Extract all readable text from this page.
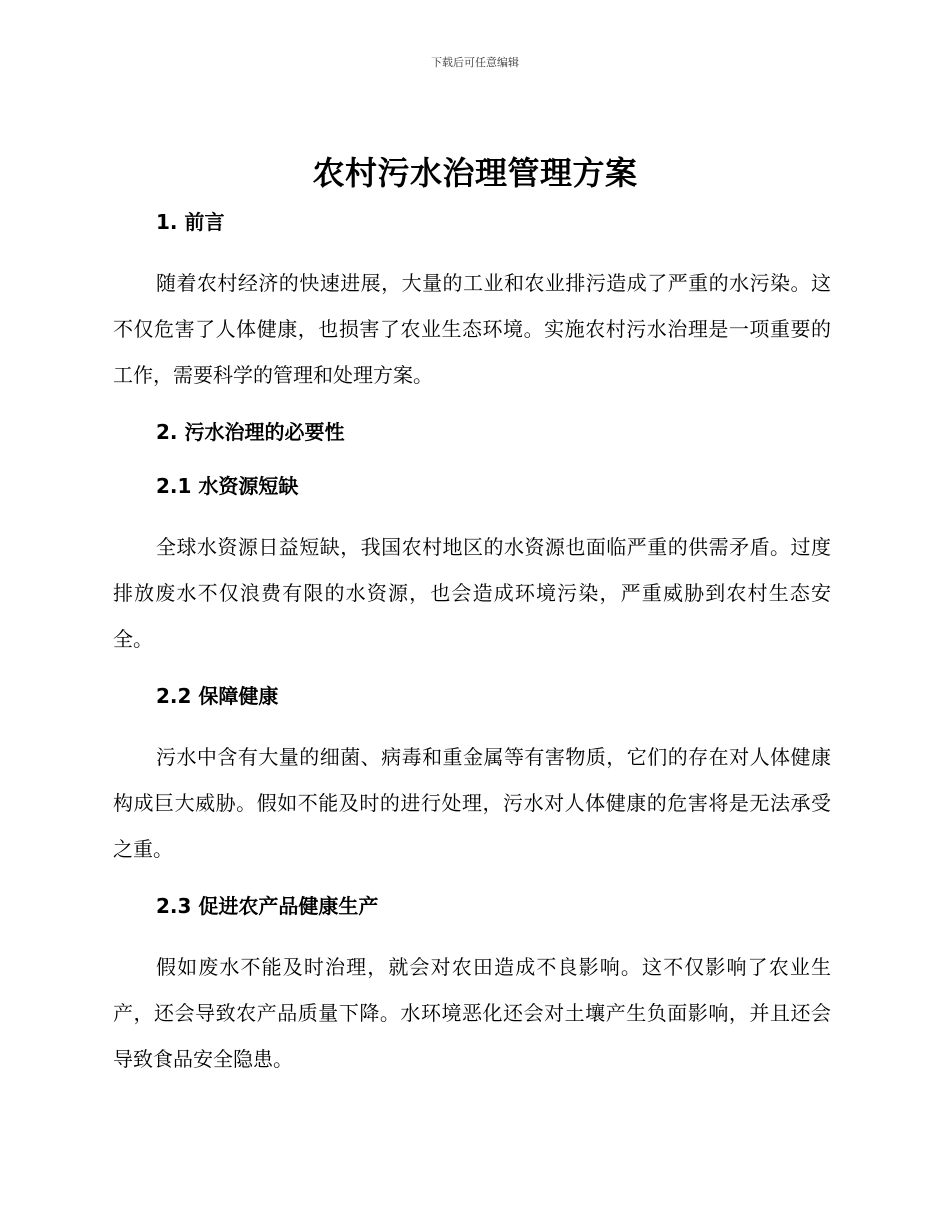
下载后可任意编辑
农村污水治理管理方案
1. 前言

随着农村经济的快速进展，大量的工业和农业排污造成了严重的水污染。这不仅危害了人体健康，也损害了农业生态环境。实施农村污水治理是一项重要的工作，需要科学的管理和处理方案。

2. 污水治理的必要性
2.1 水资源短缺

全球水资源日益短缺，我国农村地区的水资源也面临严重的供需矛盾。过度排放废水不仅浪费有限的水资源，也会造成环境污染，严重威胁到农村生态安全。

2.2 保障健康

污水中含有大量的细菌、病毒和重金属等有害物质，它们的存在对人体健康构成巨大威胁。假如不能及时的进行处理，污水对人体健康的危害将是无法承受之重。

2.3 促进农产品健康生产

假如废水不能及时治理，就会对农田造成不良影响。这不仅影响了农业生产，还会导致农产品质量下降。水环境恶化还会对土壤产生负面影响，并且还会导致食品安全隐患。
